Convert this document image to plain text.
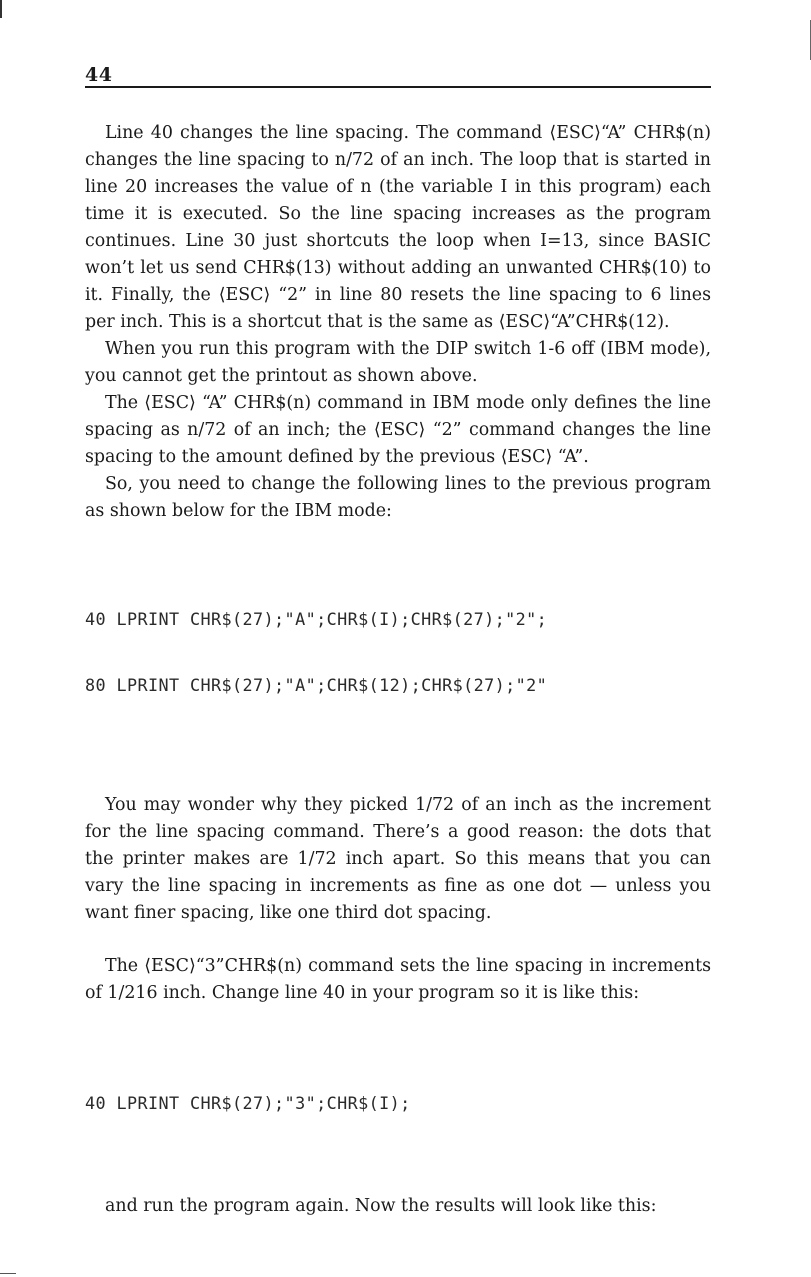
44

Line 40 changes the line spacing. The command ⟨ESC⟩“A” CHR$(n) changes the line spacing to n/72 of an inch. The loop that is started in line 20 increases the value of n (the variable I in this program) each time it is executed. So the line spacing increases as the program continues. Line 30 just shortcuts the loop when I=13, since BASIC won’t let us send CHR$(13) without adding an unwanted CHR$(10) to it. Finally, the ⟨ESC⟩ “2” in line 80 resets the line spacing to 6 lines per inch. This is a shortcut that is the same as ⟨ESC⟩“A”CHR$(12).

When you run this program with the DIP switch 1-6 off (IBM mode), you cannot get the printout as shown above.

The ⟨ESC⟩ “A” CHR$(n) command in IBM mode only defines the line spacing as n/72 of an inch; the ⟨ESC⟩ “2” command changes the line spacing to the amount defined by the previous ⟨ESC⟩ “A”.

So, you need to change the following lines to the previous program as shown below for the IBM mode:

40 LPRINT CHR$(27);"A";CHR$(I);CHR$(27);"2";

80 LPRINT CHR$(27);"A";CHR$(12);CHR$(27);"2"

You may wonder why they picked 1/72 of an inch as the increment for the line spacing command. There’s a good reason: the dots that the printer makes are 1/72 inch apart. So this means that you can vary the line spacing in increments as fine as one dot — unless you want finer spacing, like one third dot spacing.

The ⟨ESC⟩“3”CHR$(n) command sets the line spacing in increments of 1/216 inch. Change line 40 in your program so it is like this:

40 LPRINT CHR$(27);"3";CHR$(I);

and run the program again. Now the results will look like this:
